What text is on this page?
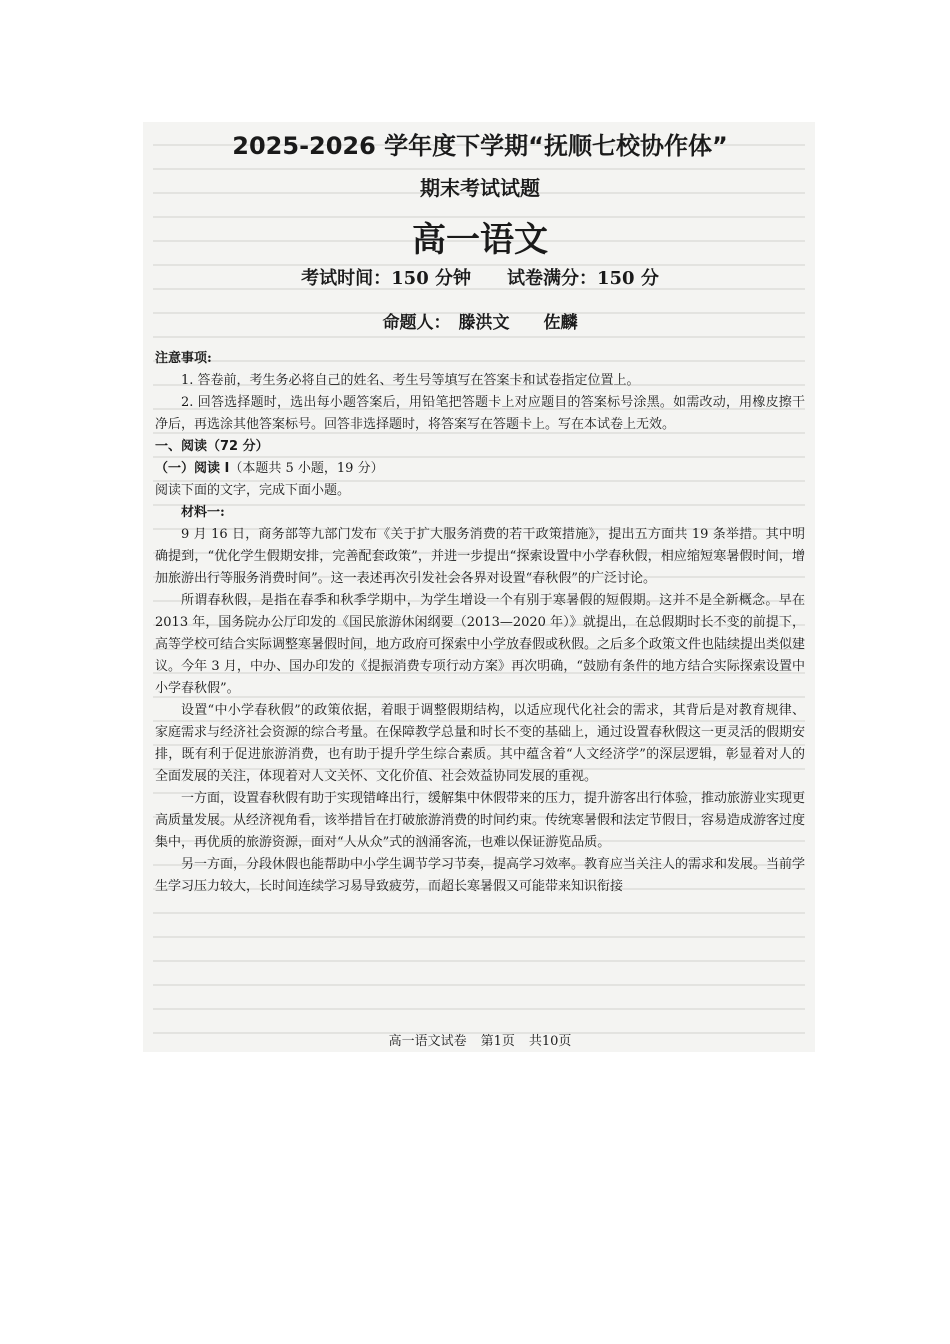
2025-2026 学年度下学期“抚顺七校协作体”
期末考试试题
高一语文
考试时间：150 分钟 试卷满分：150 分
命题人： 滕洪文　　佐麟

注意事项:

1. 答卷前，考生务必将自己的姓名、考生号等填写在答案卡和试卷指定位置上。

2. 回答选择题时，选出每小题答案后，用铅笔把答题卡上对应题目的答案标号涂黑。如需改动，用橡皮擦干净后，再选涂其他答案标号。回答非选择题时，将答案写在答题卡上。写在本试卷上无效。

一、阅读（72 分）

（一）阅读 I（本题共 5 小题，19 分）

阅读下面的文字，完成下面小题。

材料一:

9 月 16 日，商务部等九部门发布《关于扩大服务消费的若干政策措施》，提出五方面共 19 条举措。其中明确提到，“优化学生假期安排，完善配套政策”，并进一步提出“探索设置中小学春秋假，相应缩短寒暑假时间，增加旅游出行等服务消费时间”。这一表述再次引发社会各界对设置“春秋假”的广泛讨论。

所谓春秋假，是指在春季和秋季学期中，为学生增设一个有别于寒暑假的短假期。这并不是全新概念。早在 2013 年，国务院办公厅印发的《国民旅游休闲纲要（2013—2020 年）》就提出，在总假期时长不变的前提下，高等学校可结合实际调整寒暑假时间，地方政府可探索中小学放春假或秋假。之后多个政策文件也陆续提出类似建议。今年 3 月，中办、国办印发的《提振消费专项行动方案》再次明确，“鼓励有条件的地方结合实际探索设置中小学春秋假”。

设置“中小学春秋假”的政策依据，着眼于调整假期结构，以适应现代化社会的需求，其背后是对教育规律、家庭需求与经济社会资源的综合考量。在保障教学总量和时长不变的基础上，通过设置春秋假这一更灵活的假期安排，既有利于促进旅游消费，也有助于提升学生综合素质。其中蕴含着“人文经济学”的深层逻辑，彰显着对人的全面发展的关注，体现着对人文关怀、文化价值、社会效益协同发展的重视。

一方面，设置春秋假有助于实现错峰出行，缓解集中休假带来的压力，提升游客出行体验，推动旅游业实现更高质量发展。从经济视角看，该举措旨在打破旅游消费的时间约束。传统寒暑假和法定节假日，容易造成游客过度集中，再优质的旅游资源，面对“人从众”式的汹涌客流，也难以保证游览品质。

另一方面，分段休假也能帮助中小学生调节学习节奏，提高学习效率。教育应当关注人的需求和发展。当前学生学习压力较大，长时间连续学习易导致疲劳，而超长寒暑假又可能带来知识衔接

高一语文试卷 第1页 共10页
